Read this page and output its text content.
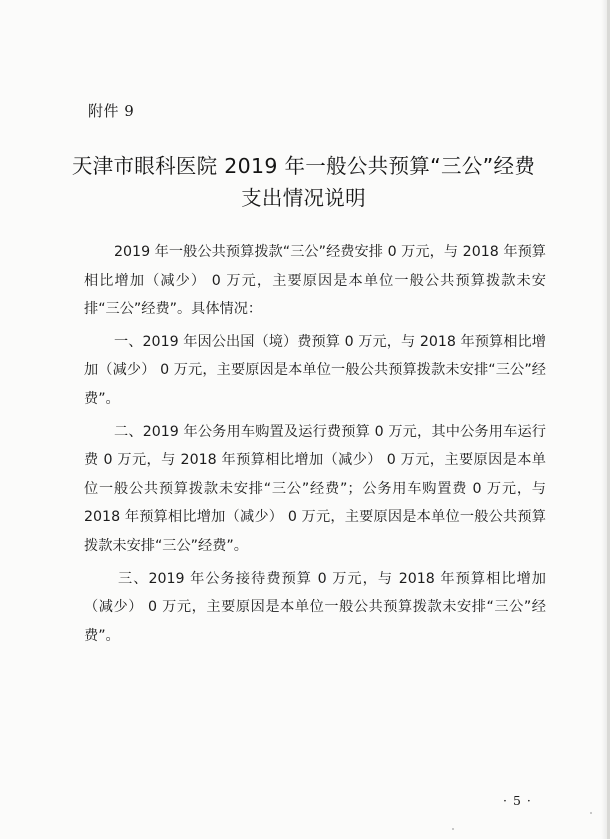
附件 9
天津市眼科医院 2019 年一般公共预算“三公”经费
支出情况说明

2019 年一般公共预算拨款“三公”经费安排 0 万元，与 2018 年预算相比增加（减少） 0 万元，主要原因是本单位一般公共预算拨款未安排“三公”经费”。具体情况：

一、2019 年因公出国（境）费预算 0 万元，与 2018 年预算相比增加（减少） 0 万元，主要原因是本单位一般公共预算拨款未安排“三公”经费”。

二、2019 年公务用车购置及运行费预算 0 万元，其中公务用车运行费 0 万元，与 2018 年预算相比增加（减少） 0 万元，主要原因是本单位一般公共预算拨款未安排“三公”经费”；公务用车购置费 0 万元，与 2018 年预算相比增加（减少） 0 万元，主要原因是本单位一般公共预算拨款未安排“三公”经费”。

三、2019 年公务接待费预算 0 万元，与 2018 年预算相比增加（减少） 0 万元，主要原因是本单位一般公共预算拨款未安排“三公”经费”。

· 5 ·
